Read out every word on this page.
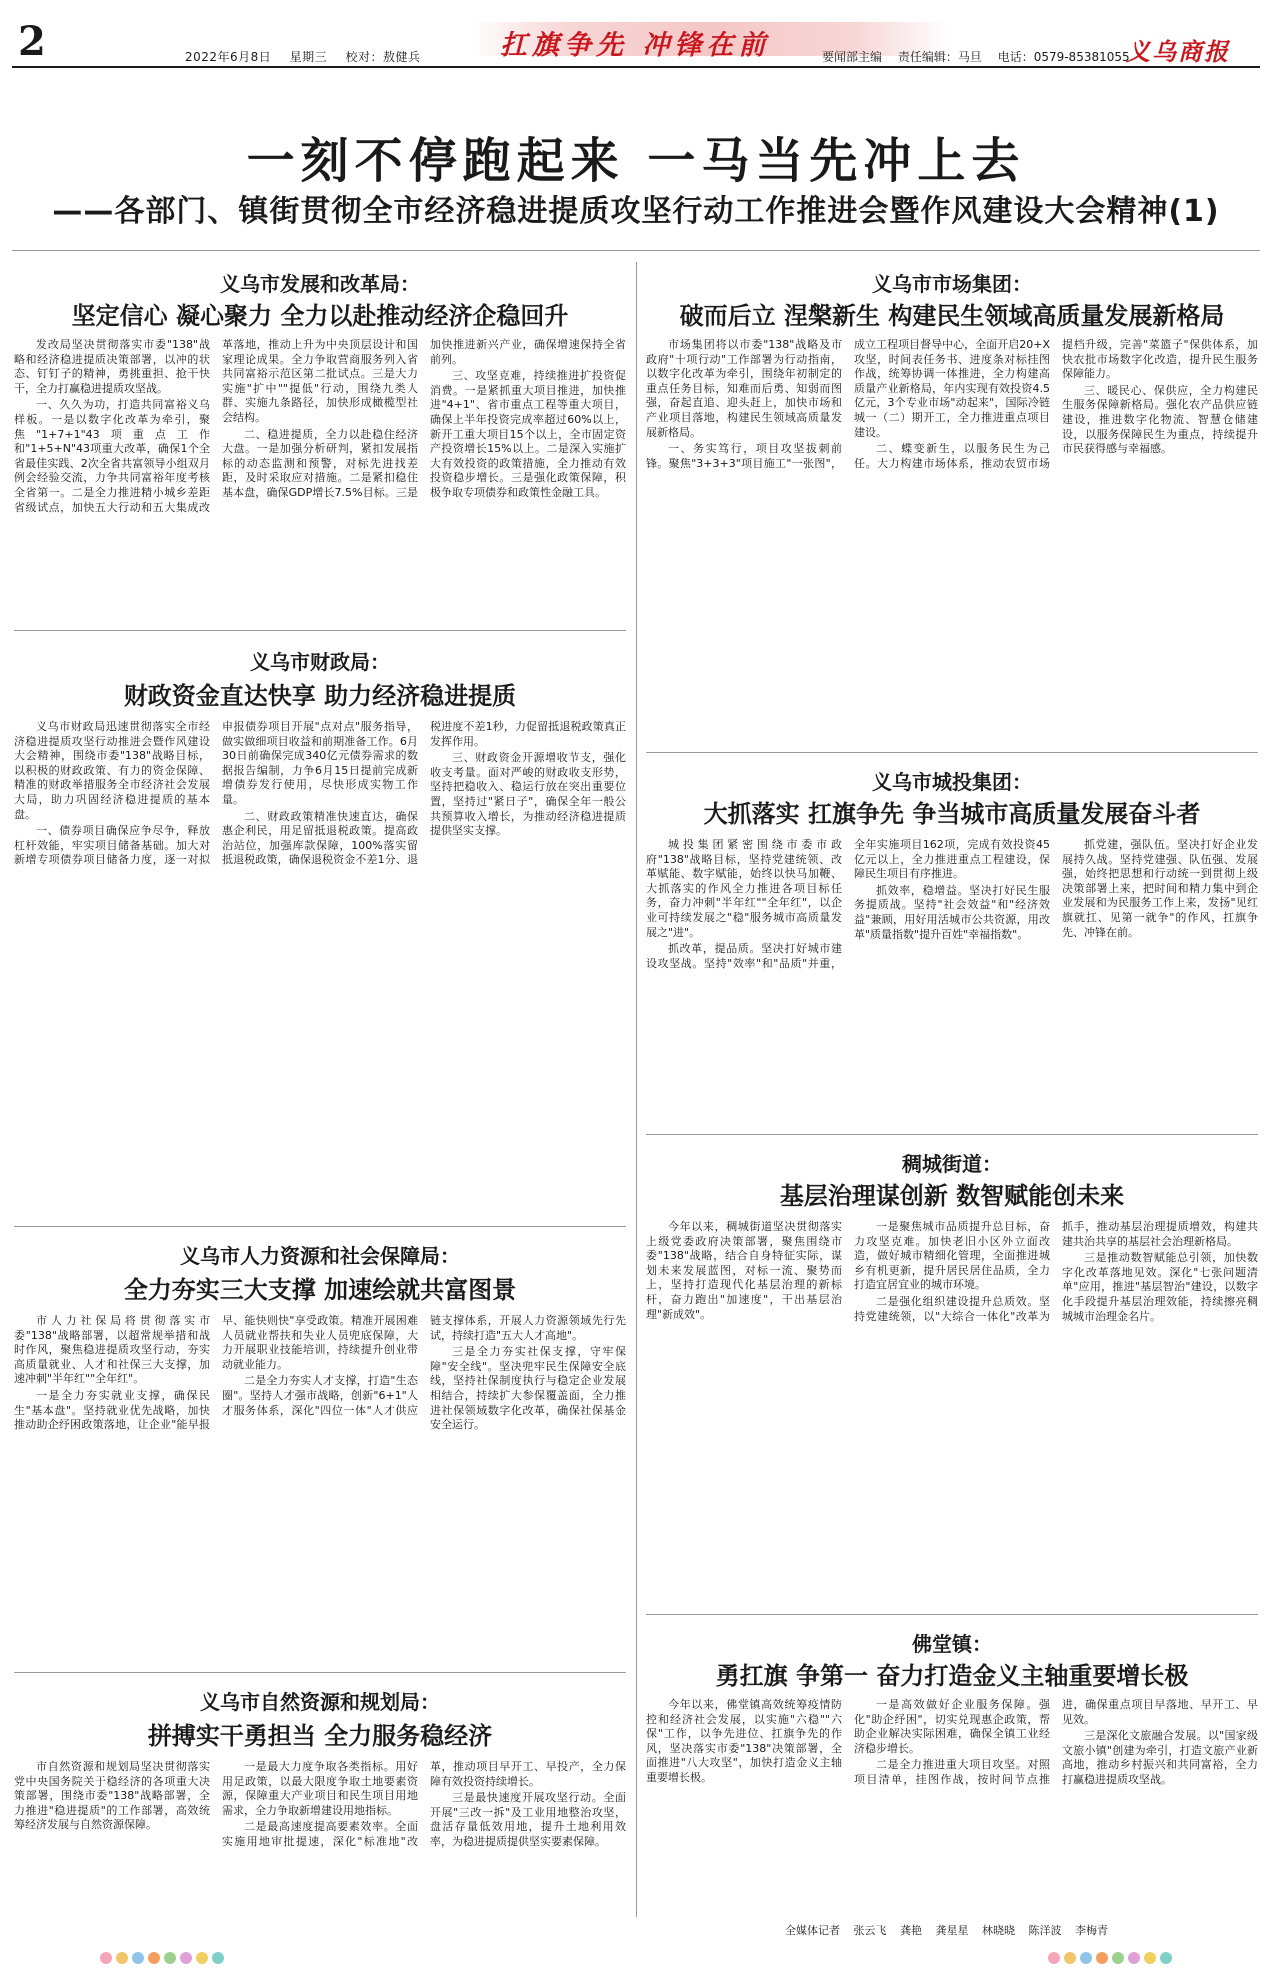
2	2022年6月8日 星期三 校对：敖健兵	扛旗争先 冲锋在前	要闻部主编 责任编辑：马旦 电话：0579-85381055
义乌商报
一刻不停跑起来 一马当先冲上去
——各部门、镇街贯彻全市经济稳进提质攻坚行动工作推进会暨作风建设大会精神(1)
义乌市发展和改革局：
坚定信心 凝心聚力 全力以赴推动经济企稳回升

发改局坚决贯彻落实市委"138"战略和经济稳进提质决策部署，以冲的状态、钉钉子的精神，勇挑重担、抢干快干，全力打赢稳进提质攻坚战。

一、久久为功，打造共同富裕义乌样板。一是以数字化改革为牵引，聚焦"1+7+1"43项重点工作和"1+5+N"43项重大改革，确保1个全省最佳实践、2次全省共富领导小组双月例会经验交流，力争共同富裕年度考核全省第一。二是全力推进精小城乡差距省级试点，加快五大行动和五大集成改革落地，推动上升为中央顶层设计和国家理论成果。全力争取营商服务列入省共同富裕示范区第二批试点。三是大力实施"扩中""提低"行动，围绕九类人群、实施九条路径，加快形成橄榄型社会结构。

二、稳进提质，全力以赴稳住经济大盘。一是加强分析研判，紧扣发展指标的动态监测和预警，对标先进找差距，及时采取应对措施。二是紧扣稳住基本盘，确保GDP增长7.5%目标。三是加快推进新兴产业，确保增速保持全省前列。

三、攻坚克难，持续推进扩投资促消费。一是紧抓重大项目推进，加快推进"4+1"、省市重点工程等重大项目，确保上半年投资完成率超过60%以上，新开工重大项目15个以上，全市固定资产投资增长15%以上。二是深入实施扩大有效投资的政策措施，全力推动有效投资稳步增长。三是强化政策保障，积极争取专项债券和政策性金融工具。

义乌市市场集团：
破而后立 涅槃新生 构建民生领域高质量发展新格局

市场集团将以市委"138"战略及市政府"十项行动"工作部署为行动指南，以数字化改革为牵引，围绕年初制定的重点任务目标，知难而后勇、知弱而图强，奋起直追、迎头赶上，加快市场和产业项目落地，构建民生领域高质量发展新格局。

一、务实笃行，项目攻坚拔刺前锋。聚焦"3+3+3"项目施工"一张图"，成立工程项目督导中心，全面开启20+X攻坚，时间表任务书、进度条对标挂图作战，统筹协调一体推进，全力构建高质量产业新格局，年内实现有效投资4.5亿元，3个专业市场"动起来"，国际冷链城一（二）期开工，全力推进重点项目建设。

二、蝶变新生，以服务民生为己任。大力构建市场体系，推动农贸市场提档升级，完善"菜篮子"保供体系，加快农批市场数字化改造，提升民生服务保障能力。

三、暖民心、保供应，全力构建民生服务保障新格局。强化农产品供应链建设，推进数字化物流、智慧仓储建设，以服务保障民生为重点，持续提升市民获得感与幸福感。

义乌市财政局：
财政资金直达快享 助力经济稳进提质

义乌市财政局迅速贯彻落实全市经济稳进提质攻坚行动推进会暨作风建设大会精神，围绕市委"138"战略目标，以积极的财政政策、有力的资金保障、精准的财政举措服务全市经济社会发展大局，助力巩固经济稳进提质的基本盘。

一、债券项目确保应争尽争，释放杠杆效能，牢实项目储备基础。加大对新增专项债券项目储备力度，逐一对拟申报债券项目开展"点对点"服务指导，做实做细项目收益和前期准备工作。6月30日前确保完成340亿元债券需求的数据报告编制，力争6月15日提前完成新增债券发行使用，尽快形成实物工作量。

二、财政政策精准快速直达，确保惠企利民，用足留抵退税政策。提高政治站位，加强库款保障，100%落实留抵退税政策，确保退税资金不差1分、退税进度不差1秒，力促留抵退税政策真正发挥作用。

三、财政资金开源增收节支，强化收支考量。面对严峻的财政收支形势，坚持把稳收入、稳运行放在突出重要位置，坚持过"紧日子"，确保全年一般公共预算收入增长，为推动经济稳进提质提供坚实支撑。

义乌市城投集团：
大抓落实 扛旗争先 争当城市高质量发展奋斗者

城投集团紧密围绕市委市政府"138"战略目标，坚持党建统领、改革赋能、数字赋能，始终以快马加鞭、大抓落实的作风全力推进各项目标任务，奋力冲刺"半年红""全年红"，以企业可持续发展之"稳"服务城市高质量发展之"进"。

抓改革，提品质。坚决打好城市建设攻坚战。坚持"效率"和"品质"并重，全年实施项目162项，完成有效投资45亿元以上，全力推进重点工程建设，保障民生项目有序推进。

抓效率，稳增益。坚决打好民生服务提质战。坚持"社会效益"和"经济效益"兼顾，用好用活城市公共资源，用改革"质量指数"提升百姓"幸福指数"。

抓党建，强队伍。坚决打好企业发展持久战。坚持党建强、队伍强、发展强，始终把思想和行动统一到贯彻上级决策部署上来，把时间和精力集中到企业发展和为民服务工作上来，发扬"见红旗就扛、见第一就争"的作风，扛旗争先、冲锋在前。

义乌市人力资源和社会保障局：
全力夯实三大支撑 加速绘就共富图景

市人力社保局将贯彻落实市委"138"战略部署，以超常规举措和战时作风，聚焦稳进提质攻坚行动，夯实高质量就业、人才和社保三大支撑，加速冲刺"半年红""全年红"。

一是全力夯实就业支撑，确保民生"基本盘"。坚持就业优先战略，加快推动助企纾困政策落地，让企业"能早报早、能快则快"享受政策。精准开展困难人员就业帮扶和失业人员兜底保障，大力开展职业技能培训，持续提升创业带动就业能力。

二是全力夯实人才支撑，打造"生态圈"。坚持人才强市战略，创新"6+1"人才服务体系，深化"四位一体"人才供应链支撑体系，开展人力资源领域先行先试，持续打造"五大人才高地"。

三是全力夯实社保支撑，守牢保障"安全线"。坚决兜牢民生保障安全底线，坚持社保制度执行与稳定企业发展相结合，持续扩大参保覆盖面，全力推进社保领域数字化改革，确保社保基金安全运行。

稠城街道：
基层治理谋创新 数智赋能创未来

今年以来，稠城街道坚决贯彻落实上级党委政府决策部署，聚焦围绕市委"138"战略，结合自身特征实际，谋划未来发展蓝图，对标一流、聚势而上，坚持打造现代化基层治理的新标杆，奋力跑出"加速度"，干出基层治理"新成效"。

一是聚焦城市品质提升总目标，奋力攻坚克难。加快老旧小区外立面改造，做好城市精细化管理，全面推进城乡有机更新，提升居民居住品质，全力打造宜居宜业的城市环境。

二是强化组织建设提升总质效。坚持党建统领，以"大综合一体化"改革为抓手，推动基层治理提质增效，构建共建共治共享的基层社会治理新格局。

三是推动数智赋能总引领，加快数字化改革落地见效。深化"七张问题清单"应用，推进"基层智治"建设，以数字化手段提升基层治理效能，持续擦亮稠城城市治理金名片。

义乌市自然资源和规划局：
拼搏实干勇担当 全力服务稳经济

市自然资源和规划局坚决贯彻落实党中央国务院关于稳经济的各项重大决策部署，围绕市委"138"战略部署，全力推进"稳进提质"的工作部署，高效统筹经济发展与自然资源保障。

一是最大力度争取各类指标。用好用足政策，以最大限度争取土地要素资源，保障重大产业项目和民生项目用地需求，全力争取新增建设用地指标。

二是最高速度提高要素效率。全面实施用地审批提速，深化"标准地"改革，推动项目早开工、早投产，全力保障有效投资持续增长。

三是最快速度开展攻坚行动。全面开展"三改一拆"及工业用地整治攻坚，盘活存量低效用地，提升土地利用效率，为稳进提质提供坚实要素保障。

佛堂镇：
勇扛旗 争第一 奋力打造金义主轴重要增长极

今年以来，佛堂镇高效统筹疫情防控和经济社会发展，以实施"六稳""六保"工作，以争先进位、扛旗争先的作风，坚决落实市委"138"决策部署，全面推进"八大攻坚"，加快打造金义主轴重要增长极。

一是高效做好企业服务保障。强化"助企纾困"，切实兑现惠企政策，帮助企业解决实际困难，确保全镇工业经济稳步增长。

二是全力推进重大项目攻坚。对照项目清单，挂图作战，按时间节点推进，确保重点项目早落地、早开工、早见效。

三是深化文旅融合发展。以"国家级文旅小镇"创建为牵引，打造文旅产业新高地，推动乡村振兴和共同富裕，全力打赢稳进提质攻坚战。

全媒体记者 张云飞 龚艳 龚星星 林晓晓 陈洋波 李梅青
